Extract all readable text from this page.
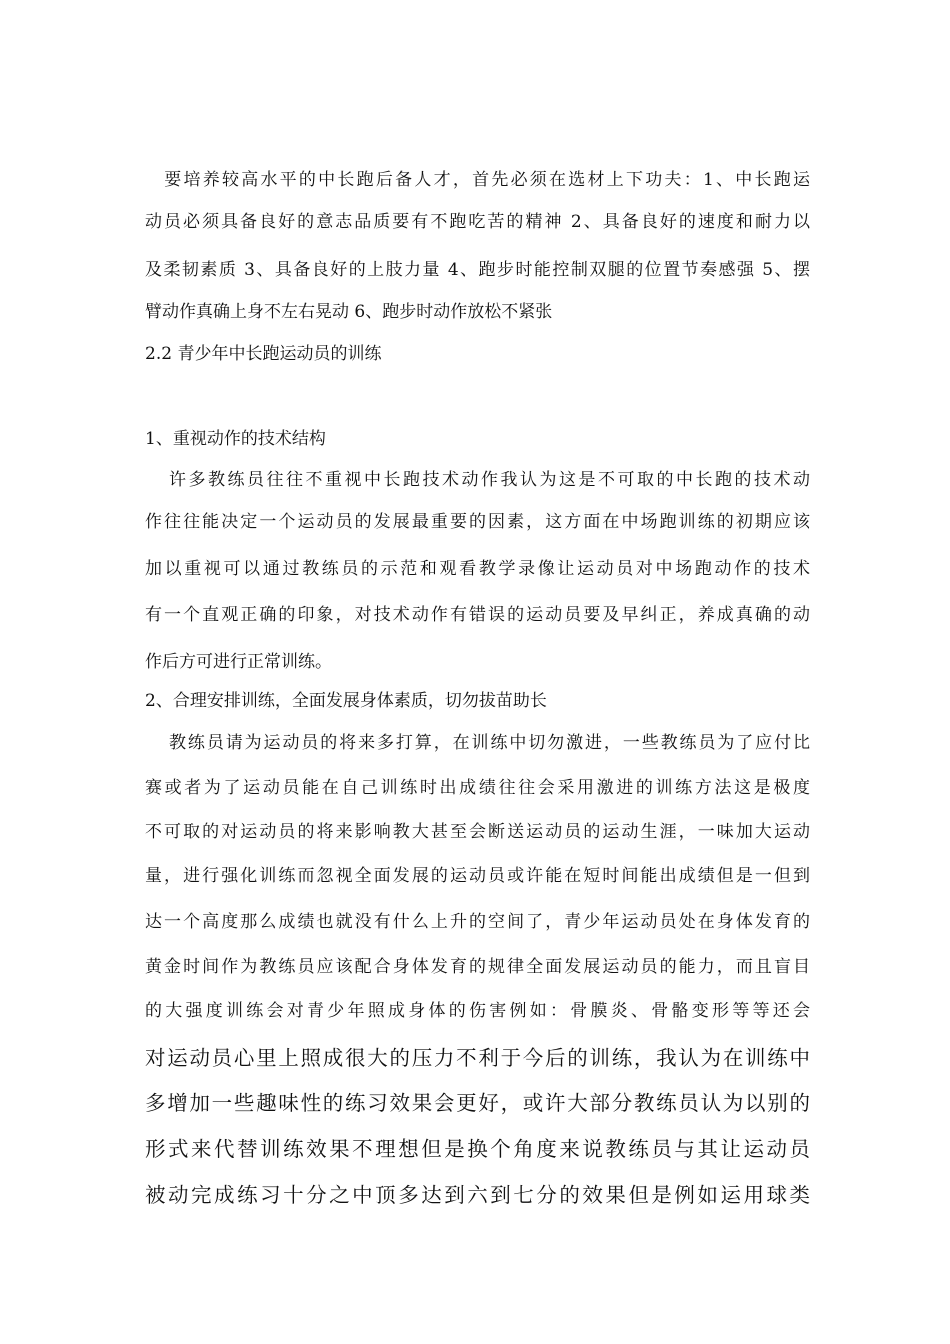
　要培养较高水平的中长跑后备人才，首先必须在选材上下功夫：1、中长跑运
动员必须具备良好的意志品质要有不跑吃苦的精神 2、具备良好的速度和耐力以
及柔韧素质 3、具备良好的上肢力量 4、跑步时能控制双腿的位置节奏感强 5、摆
臂动作真确上身不左右晃动 6、跑步时动作放松不紧张
2.2 青少年中长跑运动员的训练
1、重视动作的技术结构
许多教练员往往不重视中长跑技术动作我认为这是不可取的中长跑的技术动
作往往能决定一个运动员的发展最重要的因素，这方面在中场跑训练的初期应该
加以重视可以通过教练员的示范和观看教学录像让运动员对中场跑动作的技术
有一个直观正确的印象，对技术动作有错误的运动员要及早纠正，养成真确的动
作后方可进行正常训练。
2、合理安排训练，全面发展身体素质，切勿拔苗助长
教练员请为运动员的将来多打算，在训练中切勿激进，一些教练员为了应付比
赛或者为了运动员能在自己训练时出成绩往往会采用激进的训练方法这是极度
不可取的对运动员的将来影响教大甚至会断送运动员的运动生涯，一味加大运动
量，进行强化训练而忽视全面发展的运动员或许能在短时间能出成绩但是一但到
达一个高度那么成绩也就没有什么上升的空间了，青少年运动员处在身体发育的
黄金时间作为教练员应该配合身体发育的规律全面发展运动员的能力，而且盲目
的大强度训练会对青少年照成身体的伤害例如：骨膜炎、骨骼变形等等还会
对运动员心里上照成很大的压力不利于今后的训练，我认为在训练中
多增加一些趣味性的练习效果会更好，或许大部分教练员认为以别的
形式来代替训练效果不理想但是换个角度来说教练员与其让运动员
被动完成练习十分之中顶多达到六到七分的效果但是例如运用球类
